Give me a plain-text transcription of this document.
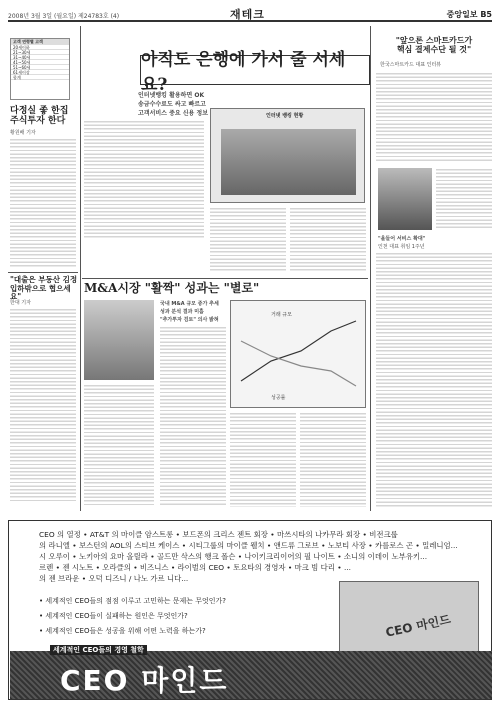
2008년 3월 3일 (월요일) 제24783호 (4)	재테크	중앙일보 B5
고객 연령별 고객
20세이하
21~30세
31~40세
41~50세
51~60세
61세이상
합계
다정실 좋 한집
주식투자 한다
황원배 기자
"대출은 부동산 김정
입하밖으로 협으세요"
한대 기자
아직도 은행에 가서 줄 서세요?
인터넷뱅킹 활용하면 OK
송금수수료도 싸고 빠르고
고객서비스 중요 신용 정보	인터넷 뱅킹 현황
"앞으론 스마트카드가
핵심 결제수단 될 것"
한국스마트카드 대표 인터뷰
"올들어 서비스 확대"
인천 대표 취임 1주년
M&A시장 "활짝" 성과는 "별로"
국내 M&A 규모 증가 추세
성과 분석 결과 미흡
"추가투자 검토" 의사 밝혀
거래 규모
성공률
CEO 의 열정 • AT&T 의 마이클 암스트롱 • 보드폰의 크리스 젠트 회장 • 마쓰시타의 나카무라 회장 • 비전크룹
의 라니엘 • 보스턴의 AOL의 스티브 케이스 • 시티그룹의 마이클 웰치 • 앤드류 그로브 • 노보티 사장 • 카를로스 곤 • 밀레니엄...
시 오루이 • 노키아의 요마 올릴라 • 골드만 삭스의 행크 폴슨 • 나이키크리이어의 필 나이트 • 소니의 이데이 노부유키...
르렌 • 젠 시노트 • 오라클의 • 비즈니스 • 라이벌의 CEO • 토요타의 경영자 • 마크 빔 다리 • ...
의 젠 브라운 • 오덕 디즈니 / 나노 가르 니다...
• 세계적인 CEO들의 점점 이루고 고민하는 문제는 무엇인가?
• 세계적인 CEO들이 실패하는 원인은 무엇인가?
• 세계적인 CEO들은 성공을 위해 어떤 노력을 하는가?	CEO 마인드
세계적인 CEO들의 경영 철학
CEO 마인드
